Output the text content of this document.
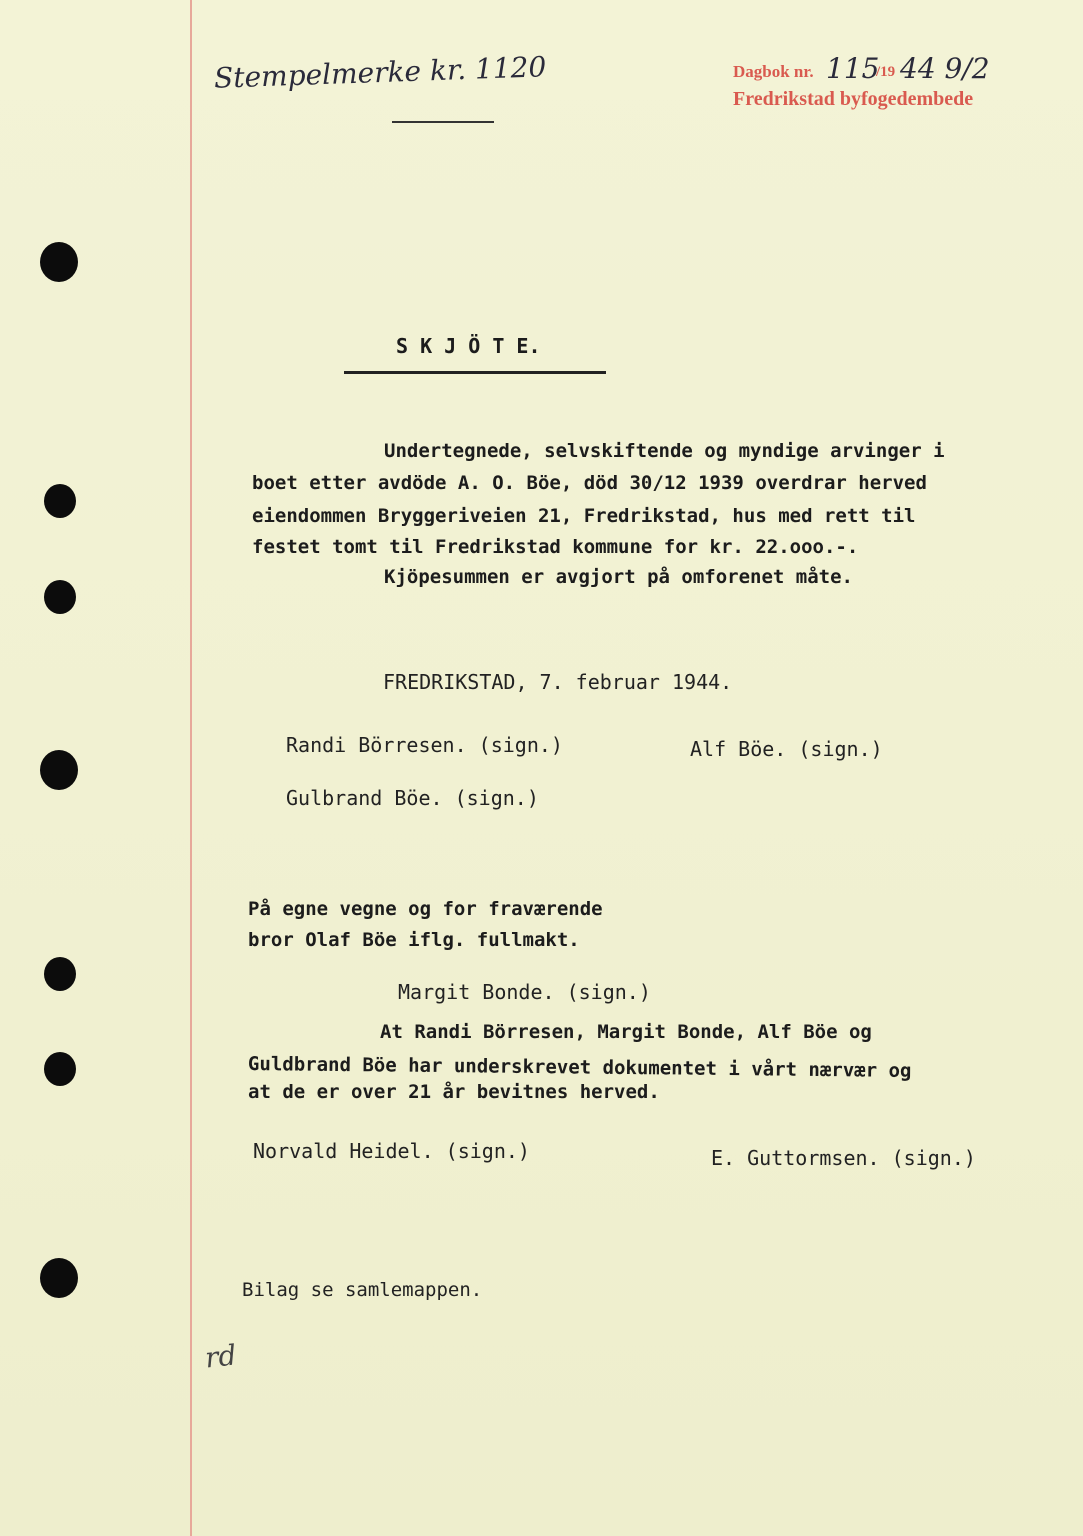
Stempelmerke kr. 1120	Dagbok nr. 115
/19 44 9/2
Fredrikstad byfogedembede
S K J Ö T E.
Undertegnede, selvskiftende og myndige arvinger i
boet etter avdöde A. O. Böe, död 30/12 1939 overdrar herved
eiendommen Bryggeriveien 21, Fredrikstad, hus med rett til
festet tomt til Fredrikstad kommune for kr. 22.ooo.-.
Kjöpesummen er avgjort på omforenet måte.
FREDRIKSTAD, 7. februar 1944.
Randi Börresen. (sign.)	Alf Böe. (sign.)
Gulbrand Böe. (sign.)
På egne vegne og for fraværende
bror Olaf Böe iflg. fullmakt.
Margit Bonde. (sign.)
At Randi Börresen, Margit Bonde, Alf Böe og
Guldbrand Böe har underskrevet dokumentet i vårt nærvær og
at de er over 21 år bevitnes herved.
Norvald Heidel. (sign.)	E. Guttormsen. (sign.)
Bilag se samlemappen.
rd
